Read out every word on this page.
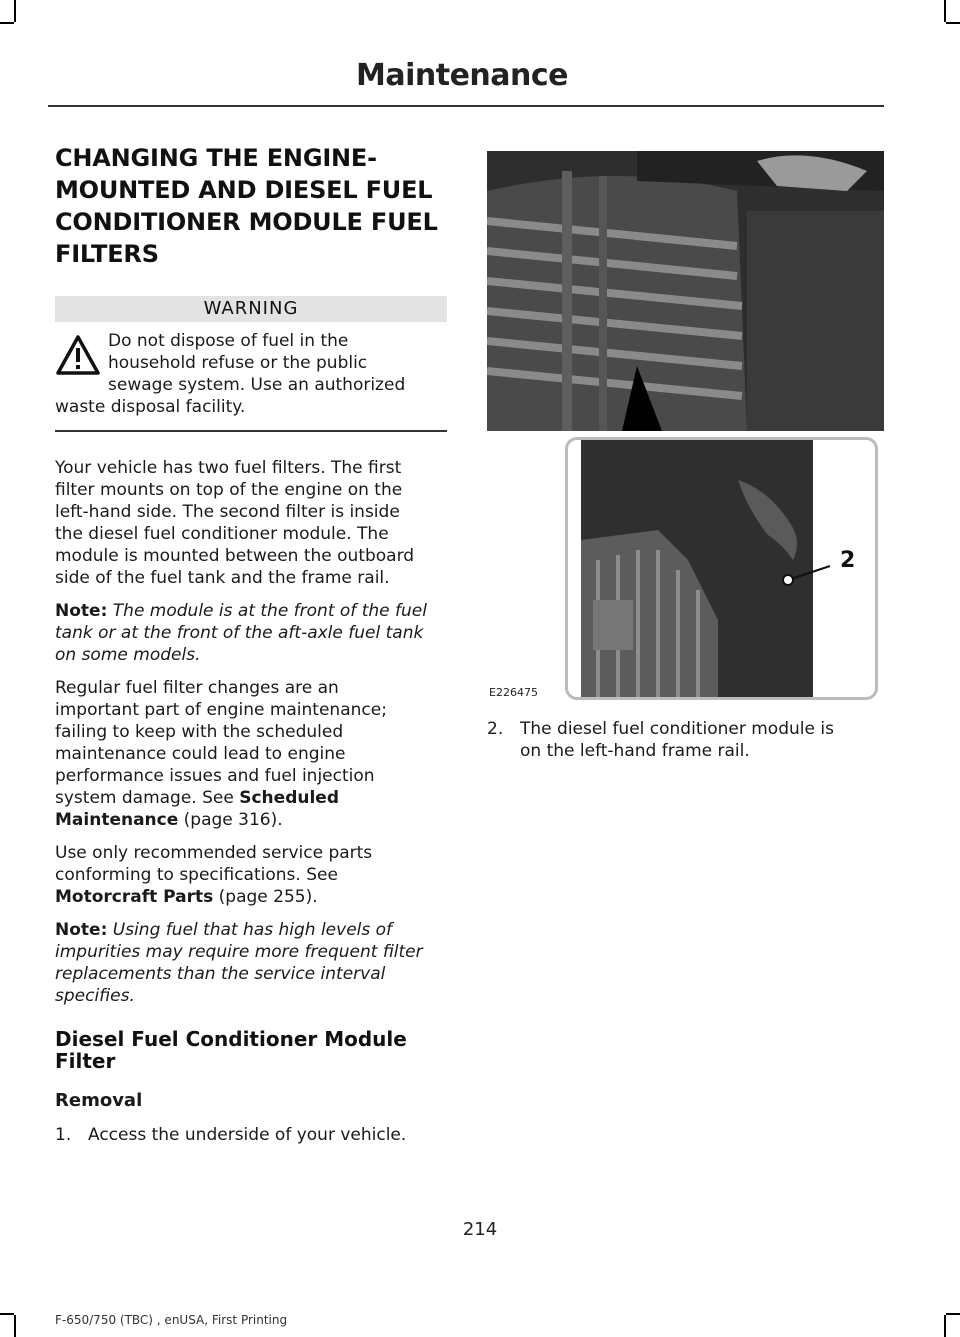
Maintenance
CHANGING THE ENGINE-
MOUNTED AND DIESEL FUEL
CONDITIONER MODULE FUEL
FILTERS
WARNING

Do not dispose of fuel in the

household refuse or the public

sewage system. Use an authorized

waste disposal facility.

Your vehicle has two fuel filters. The first

filter mounts on top of the engine on the

left-hand side. The second filter is inside

the diesel fuel conditioner module. The

module is mounted between the outboard

side of the fuel tank and the frame rail.

Note: The module is at the front of the fuel

tank or at the front of the aft-axle fuel tank

on some models.

Regular fuel filter changes are an

important part of engine maintenance;

failing to keep with the scheduled

maintenance could lead to engine

performance issues and fuel injection

system damage. See Scheduled

Maintenance (page 316).

Use only recommended service parts

conforming to specifications. See

Motorcraft Parts (page 255).

Note: Using fuel that has high levels of

impurities may require more frequent filter

replacements than the service interval

specifies.

Diesel Fuel Conditioner Module
Filter
Removal
1. Access the underside of your vehicle.

2
E226475
2. The diesel fuel conditioner module is

on the left-hand frame rail.

214
F-650/750 (TBC) , enUSA, First Printing
